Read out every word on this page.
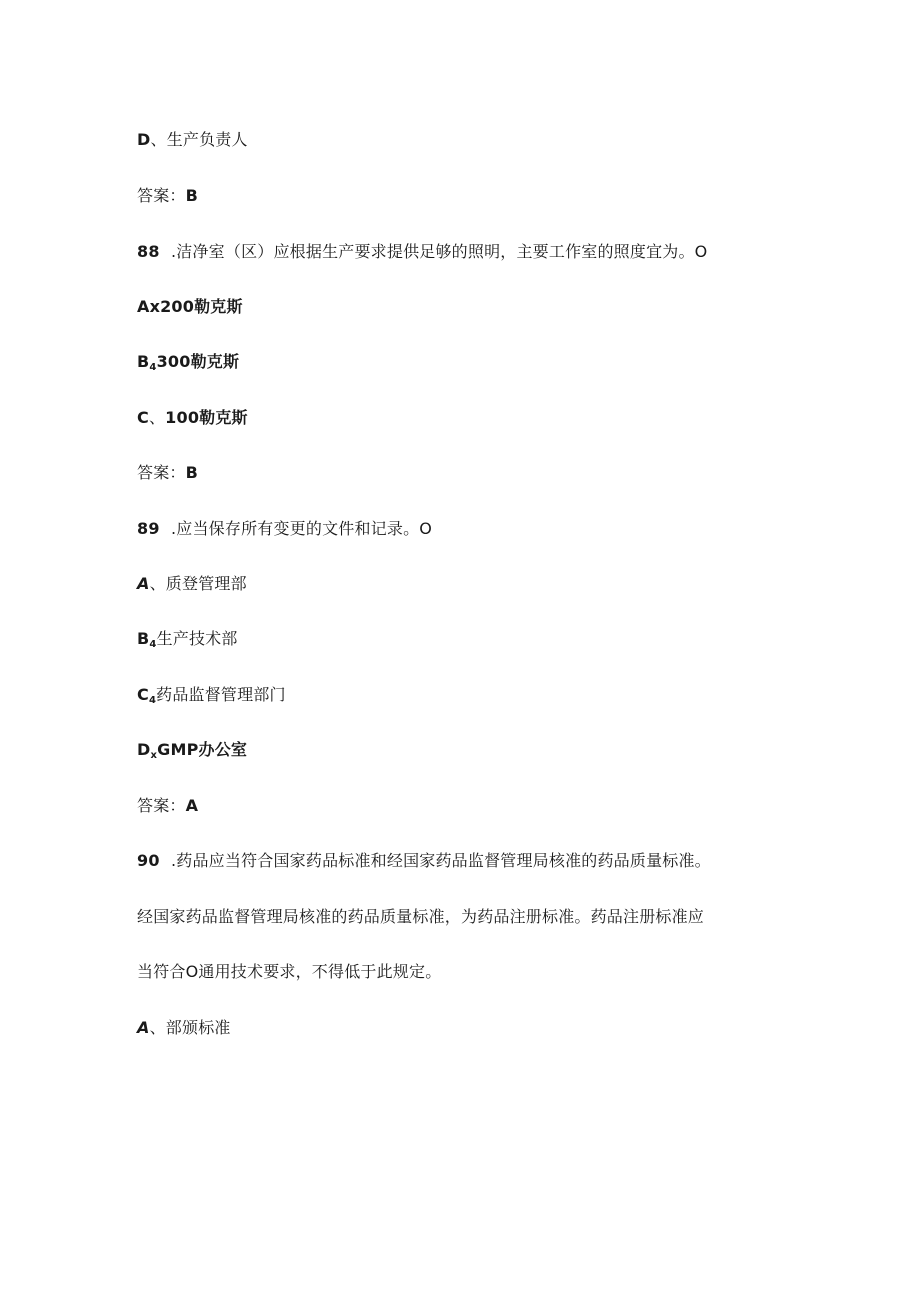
D、生产负责人
答案：B
88 .洁净室（区）应根据生产要求提供足够的照明，主要工作室的照度宜为。O
Ax200勒克斯
$B_4300$勒克斯
C、100勒克斯
答案：B
89 .应当保存所有变更的文件和记录。O
A、质登管理部
$B_4$生产技术部
$C_4$药品监督管理部门
$D_xGMP$办公室
答案：A
90 .药品应当符合国家药品标准和经国家药品监督管理局核准的药品质量标准。
经国家药品监督管理局核准的药品质量标准，为药品注册标准。药品注册标准应
当符合O通用技术要求，不得低于此规定。
A、部颁标准
